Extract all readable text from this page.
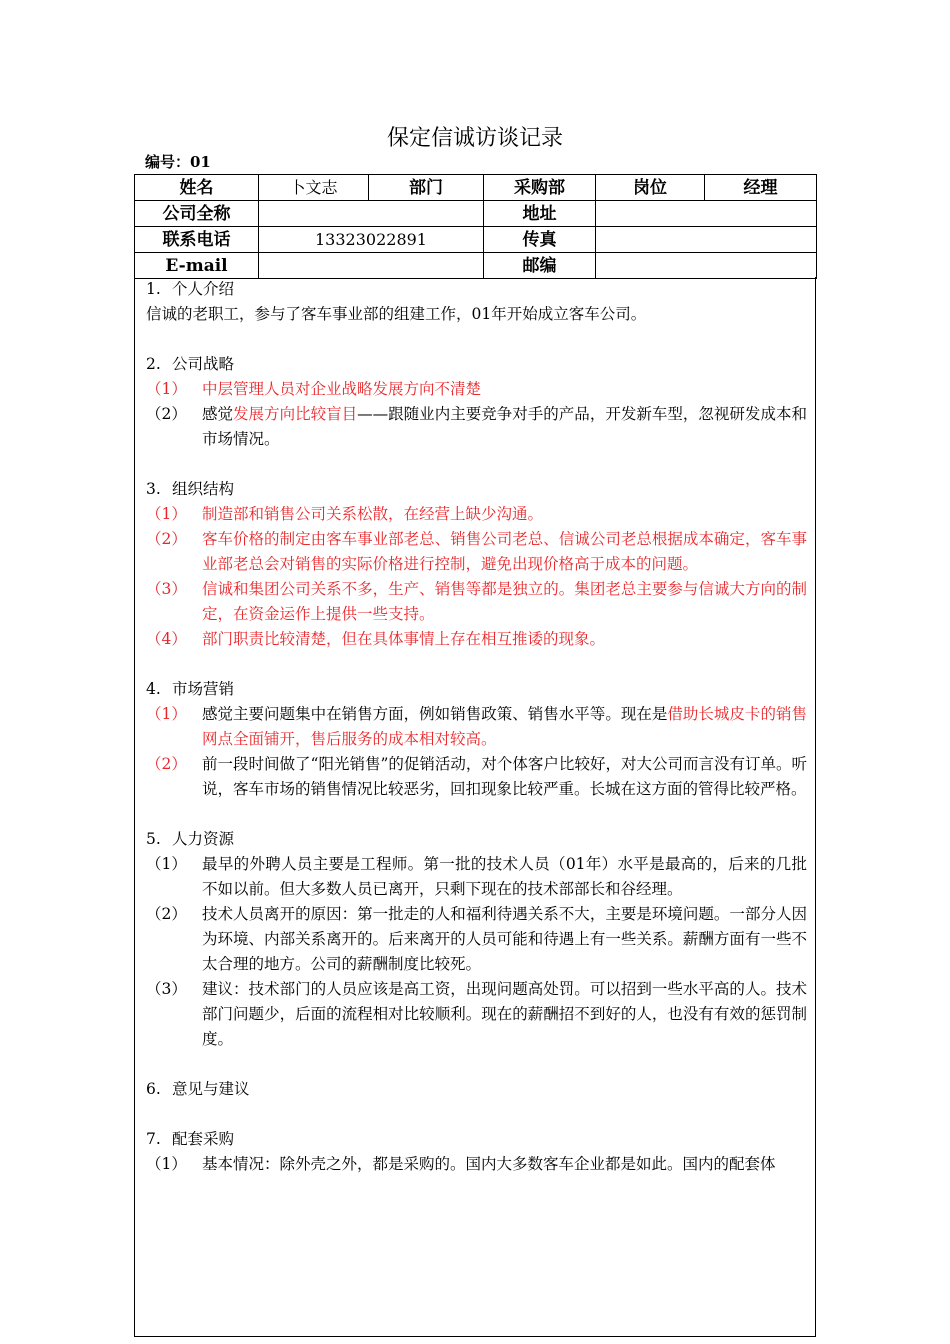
保定信诚访谈记录
编号：01
姓名	卜文志	部门	采购部	岗位	经理
公司全称			地址		
联系电话	13323022891		传真		
E-mail			邮编		
1. 个人介绍
信诚的老职工，参与了客车事业部的组建工作，01年开始成立客车公司。
2. 公司战略
（1） 中层管理人员对企业战略发展方向不清楚
（2） 感觉发展方向比较盲目——跟随业内主要竞争对手的产品，开发新车型，忽视研发成本和市场情况。
3. 组织结构
（1） 制造部和销售公司关系松散，在经营上缺少沟通。
（2） 客车价格的制定由客车事业部老总、销售公司老总、信诚公司老总根据成本确定，客车事业部老总会对销售的实际价格进行控制，避免出现价格高于成本的问题。
（3） 信诚和集团公司关系不多，生产、销售等都是独立的。集团老总主要参与信诚大方向的制定，在资金运作上提供一些支持。
（4） 部门职责比较清楚，但在具体事情上存在相互推诿的现象。
4. 市场营销
（1） 感觉主要问题集中在销售方面，例如销售政策、销售水平等。现在是借助长城皮卡的销售网点全面铺开，售后服务的成本相对较高。
（2） 前一段时间做了“阳光销售”的促销活动，对个体客户比较好，对大公司而言没有订单。听说，客车市场的销售情况比较恶劣，回扣现象比较严重。长城在这方面的管得比较严格。
5. 人力资源
（1） 最早的外聘人员主要是工程师。第一批的技术人员（01年）水平是最高的，后来的几批不如以前。但大多数人员已离开，只剩下现在的技术部部长和谷经理。
（2） 技术人员离开的原因：第一批走的人和福利待遇关系不大，主要是环境问题。一部分人因为环境、内部关系离开的。后来离开的人员可能和待遇上有一些关系。薪酬方面有一些不太合理的地方。公司的薪酬制度比较死。
（3） 建议：技术部门的人员应该是高工资，出现问题高处罚。可以招到一些水平高的人。技术部门问题少，后面的流程相对比较顺利。现在的薪酬招不到好的人，也没有有效的惩罚制度。
6. 意见与建议
7. 配套采购
（1） 基本情况：除外壳之外，都是采购的。国内大多数客车企业都是如此。国内的配套体
